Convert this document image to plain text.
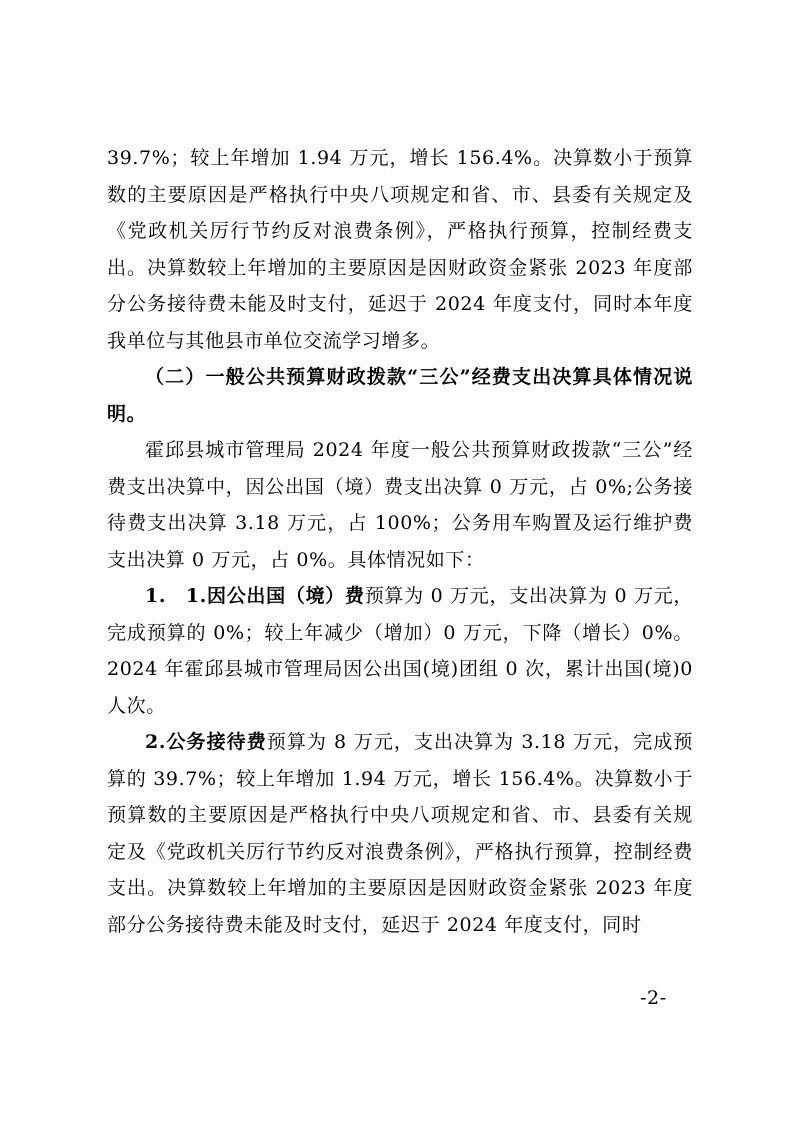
39.7%；较上年增加 1.94 万元，增长 156.4%。决算数小于预算数的主要原因是严格执行中央八项规定和省、市、县委有关规定及《党政机关厉行节约反对浪费条例》，严格执行预算，控制经费支出。决算数较上年增加的主要原因是因财政资金紧张 2023 年度部分公务接待费未能及时支付，延迟于 2024 年度支付，同时本年度我单位与其他县市单位交流学习增多。

（二）一般公共预算财政拨款“三公”经费支出决算具体情况说明。

霍邱县城市管理局 2024 年度一般公共预算财政拨款“三公”经费支出决算中，因公出国（境）费支出决算 0 万元，占 0%;公务接待费支出决算 3.18 万元，占 100%；公务用车购置及运行维护费支出决算 0 万元，占 0%。具体情况如下：

1.　1.因公出国（境）费预算为 0 万元，支出决算为 0 万元，完成预算的 0%；较上年减少（增加）0 万元，下降（增长）0%。2024 年霍邱县城市管理局因公出国(境)团组 0 次，累计出国(境)0 人次。

2.公务接待费预算为 8 万元，支出决算为 3.18 万元，完成预算的 39.7%；较上年增加 1.94 万元，增长 156.4%。决算数小于预算数的主要原因是严格执行中央八项规定和省、市、县委有关规定及《党政机关厉行节约反对浪费条例》，严格执行预算，控制经费支出。决算数较上年增加的主要原因是因财政资金紧张 2023 年度部分公务接待费未能及时支付，延迟于 2024 年度支付，同时

-2-
